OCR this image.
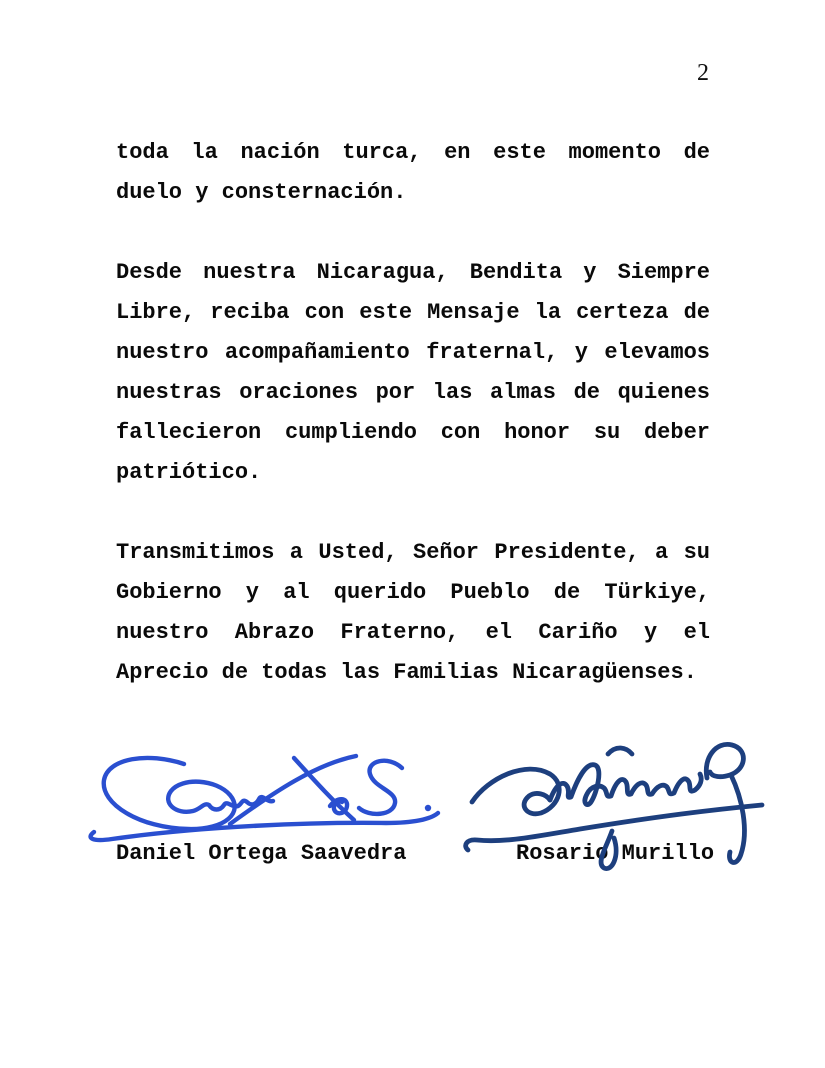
2
toda la nación turca, en este momento de
duelo y consternación.
Desde nuestra Nicaragua, Bendita y Siempre
Libre, reciba con este Mensaje la certeza de
nuestro acompañamiento fraternal, y elevamos
nuestras oraciones por las almas de quienes
fallecieron cumpliendo con honor su deber
patriótico.
Transmitimos a Usted, Señor Presidente, a su
Gobierno y al querido Pueblo de Türkiye,
nuestro Abrazo Fraterno, el Cariño y el
Aprecio de todas las Familias Nicaragüenses.
Daniel Ortega Saavedra	Rosario Murillo
